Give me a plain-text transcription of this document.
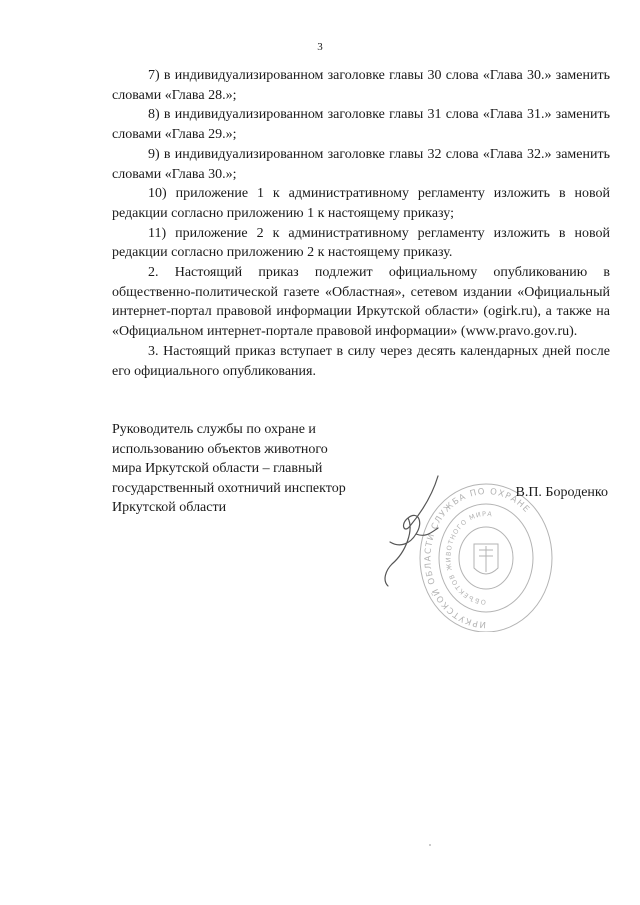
3

7) в индивидуализированном заголовке главы 30 слова «Глава 30.» заменить словами «Глава 28.»;

8) в индивидуализированном заголовке главы 31 слова «Глава 31.» заменить словами «Глава 29.»;

9) в индивидуализированном заголовке главы 32 слова «Глава 32.» заменить словами «Глава 30.»;

10) приложение 1 к административному регламенту изложить в новой редакции согласно приложению 1 к настоящему приказу;

11) приложение 2 к административному регламенту изложить в новой редакции согласно приложению 2 к настоящему приказу.

2. Настоящий приказ подлежит официальному опубликованию в общественно-политической газете «Областная», сетевом издании «Официальный интернет-портал правовой информации Иркутской области» (ogirk.ru), а также на «Официальном интернет-портале правовой информации» (www.pravo.gov.ru).

3. Настоящий приказ вступает в силу через десять календарных дней после его официального опубликования.

Руководитель службы по охране и
использованию объектов животного
мира Иркутской области – главный
государственный охотничий инспектор
Иркутской области
ИРКУТСКОЙ ОБЛАСТИ СЛУЖБА ПО ОХРАНЕ
ОБЪЕКТОВ ЖИВОТНОГО МИРА
В.П. Бороденко
